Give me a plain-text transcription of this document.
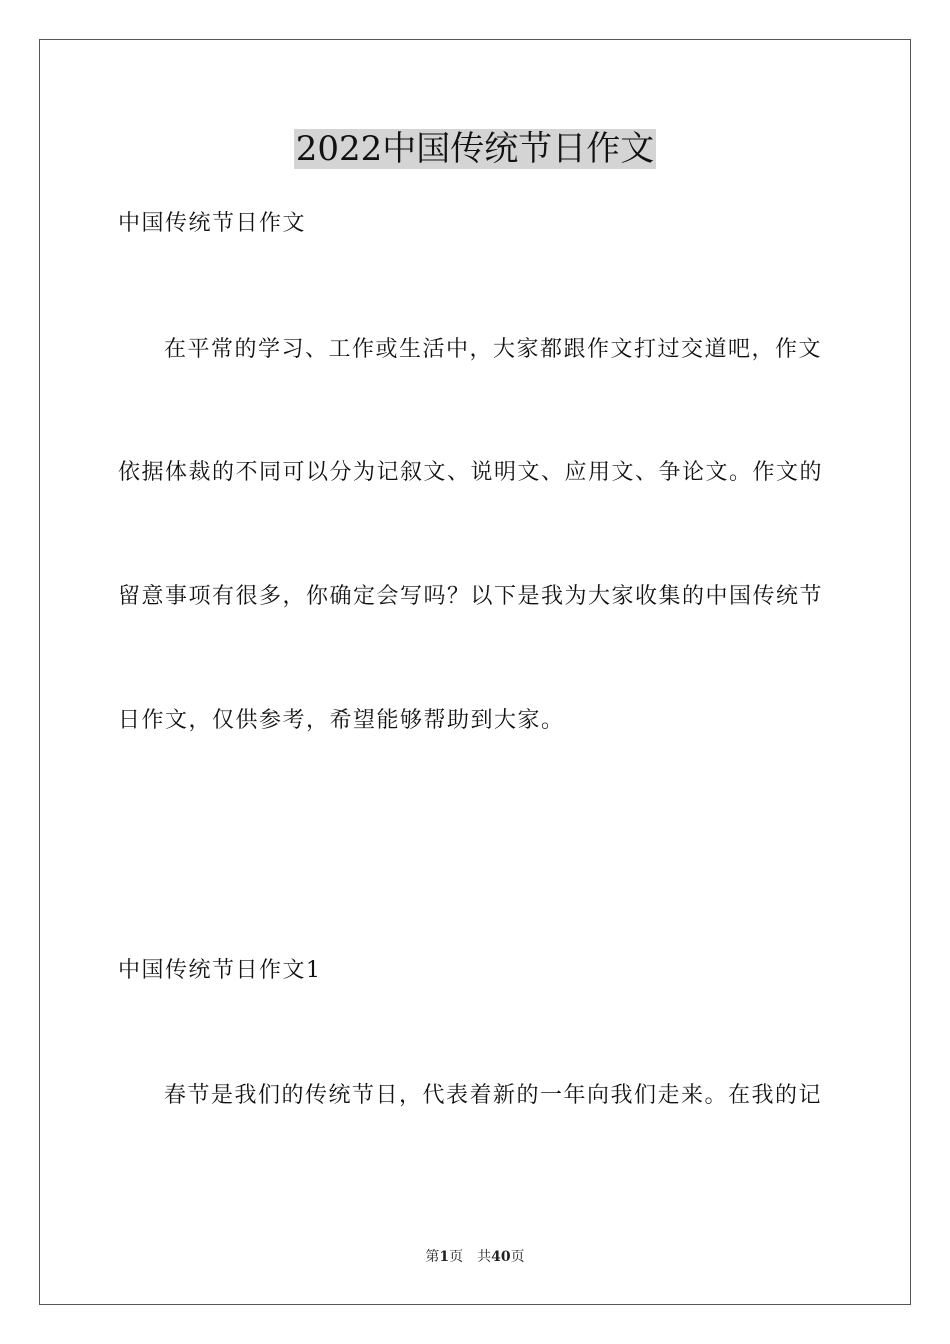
2022中国传统节日作文
中国传统节日作文
在平常的学习、工作或生活中，大家都跟作文打过交道吧，作文
依据体裁的不同可以分为记叙文、说明文、应用文、争论文。作文的
留意事项有很多，你确定会写吗？以下是我为大家收集的中国传统节
日作文，仅供参考，希望能够帮助到大家。
中国传统节日作文1
春节是我们的传统节日，代表着新的一年向我们走来。在我的记
第1页　共40页
